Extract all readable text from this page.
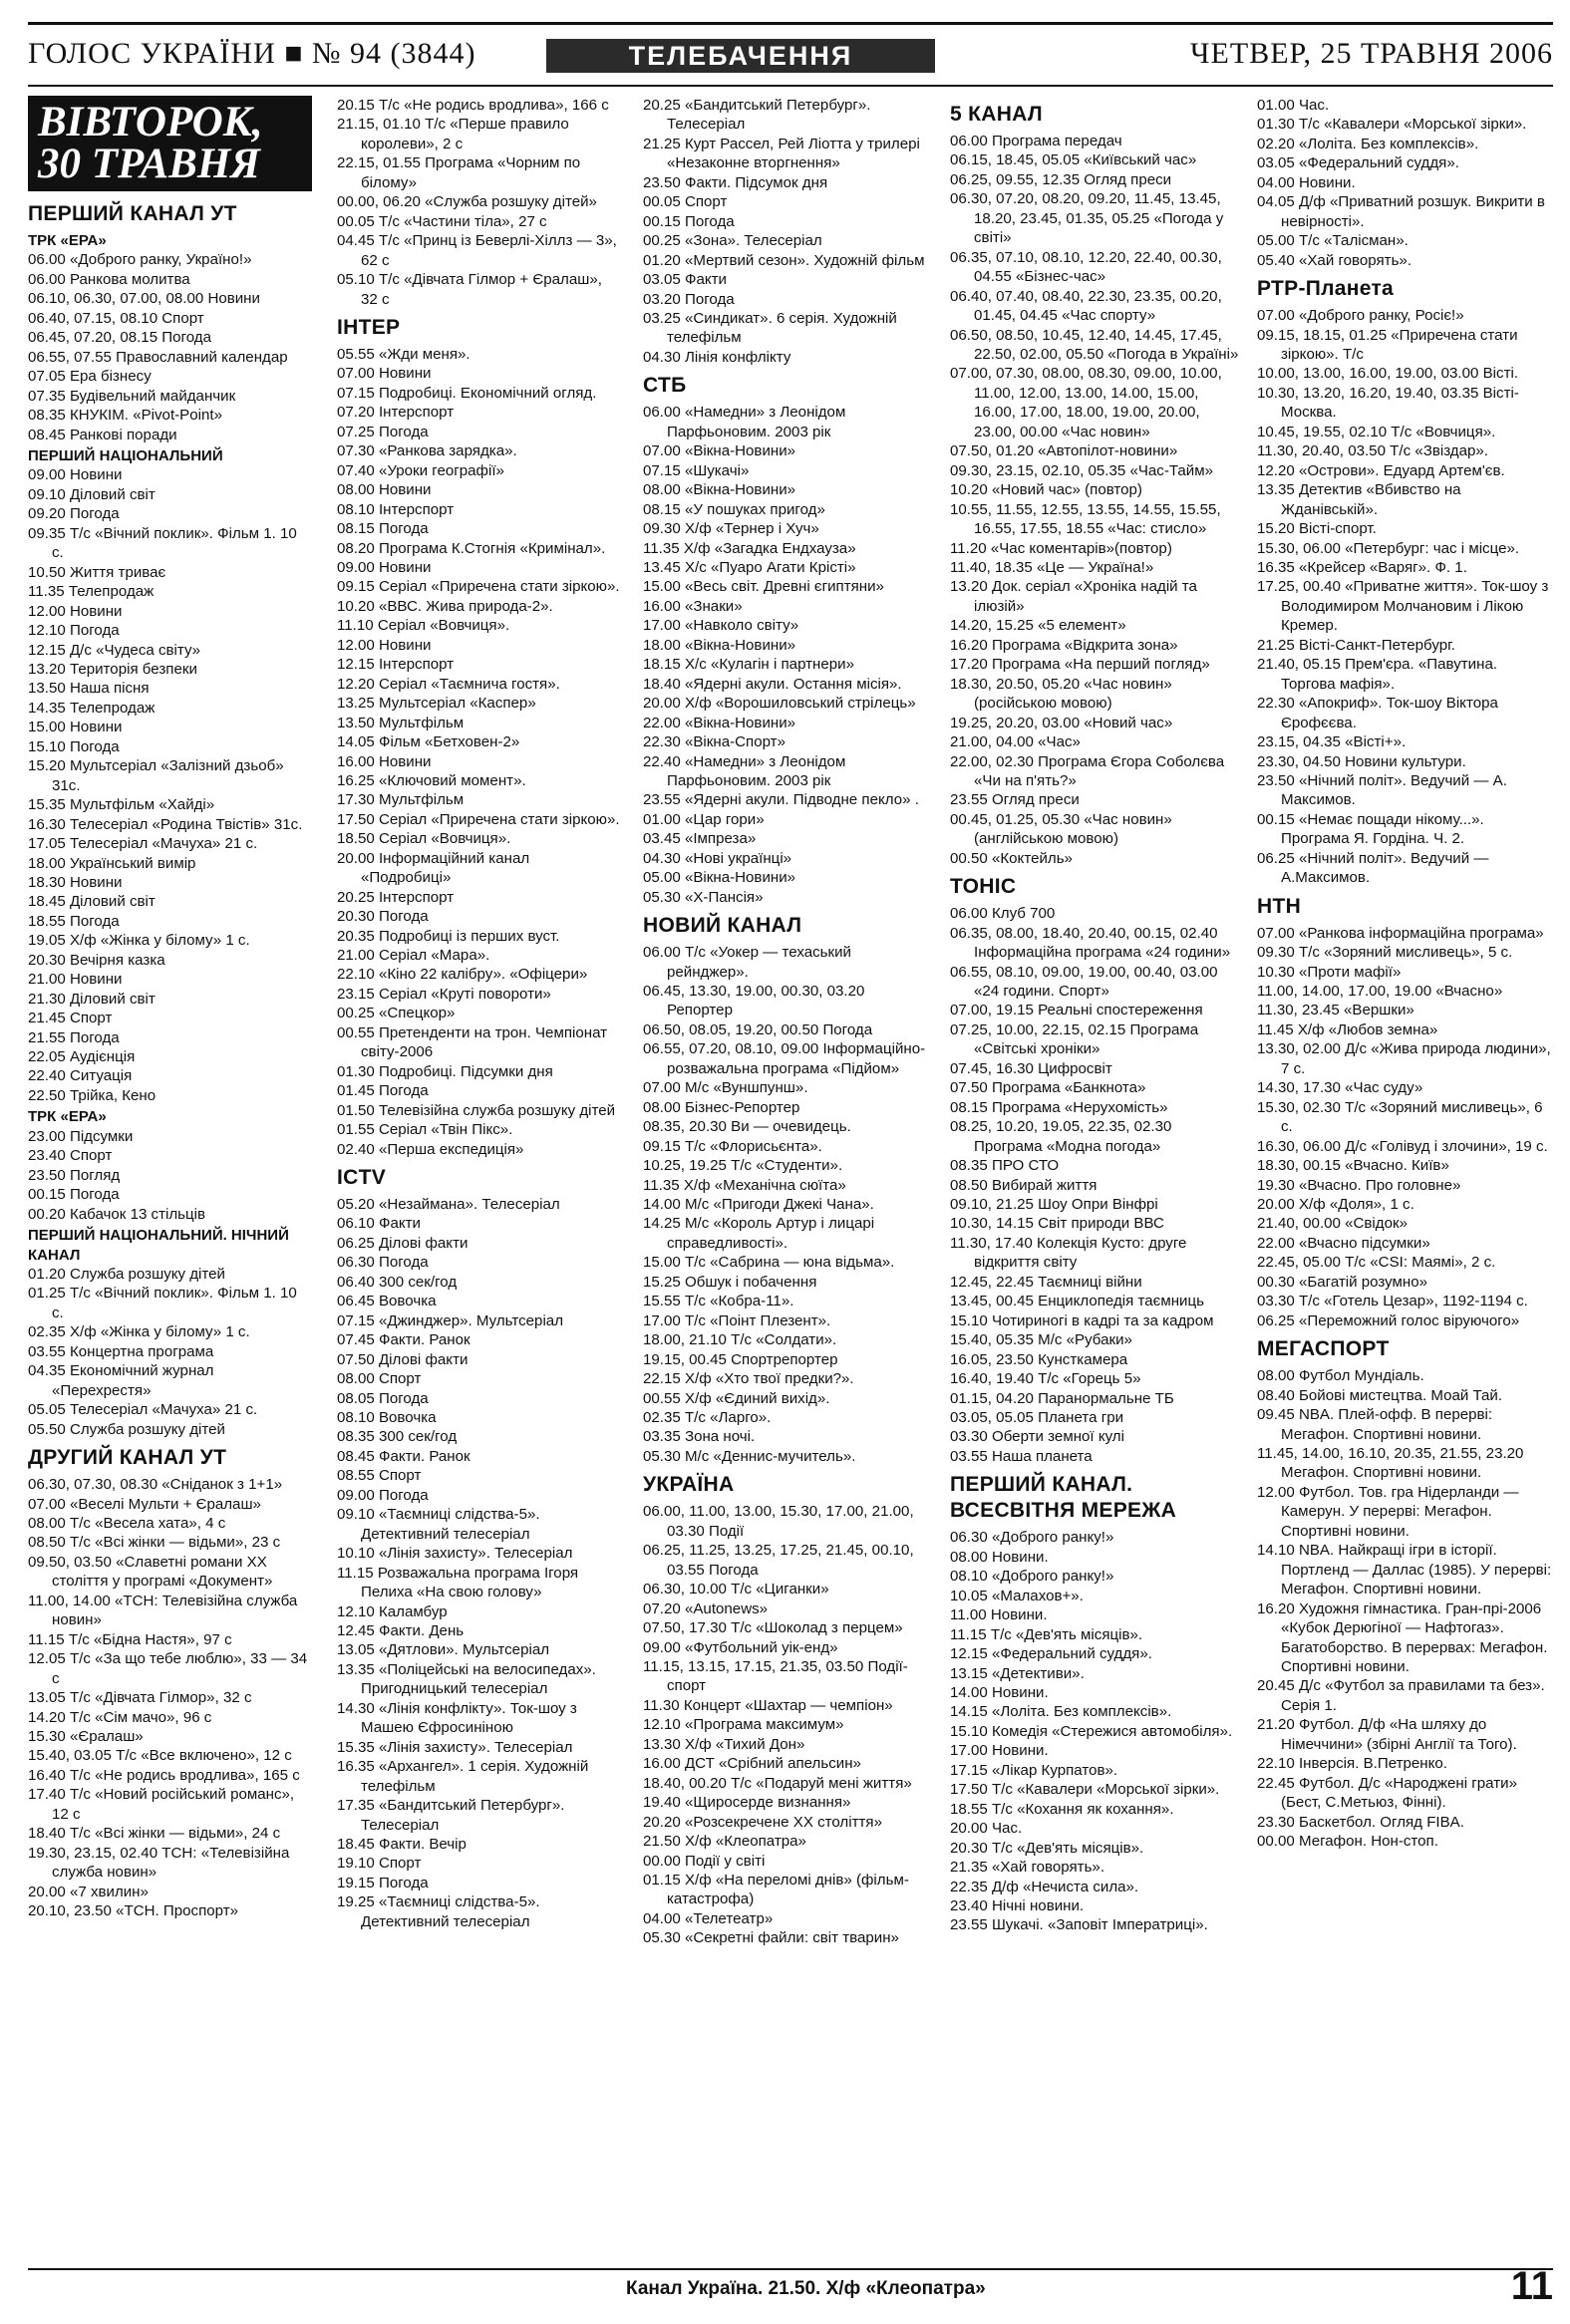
ГОЛОС УКРАЇНИ ■ № 94 (3844)	ТЕЛЕБАЧЕННЯ	ЧЕТВЕР, 25 ТРАВНЯ 2006
ВІВТОРОК, 30 ТРАВНЯ
ПЕРШИЙ КАНАЛ УТ
ТРК «ЕРА»
06.00 «Доброго ранку, Україно!»
06.00 Ранкова молитва
06.10, 06.30, 07.00, 08.00 Новини
06.40, 07.15, 08.10 Спорт
06.45, 07.20, 08.15 Погода
06.55, 07.55 Православний календар
07.05 Ера бізнесу
07.35 Будівельний майданчик
08.35 КНУКІМ. «Pivot-Point»
08.45 Ранкові поради
ПЕРШИЙ НАЦІОНАЛЬНИЙ
09.00 Новини
09.10 Діловий світ
09.20 Погода
09.35 Т/с «Вічний поклик». Фільм 1. 10 с.
10.50 Життя триває
11.35 Телепродаж
12.00 Новини
12.10 Погода
12.15 Д/с «Чудеса світу»
13.20 Територія безпеки
13.50 Наша пісня
14.35 Телепродаж
15.00 Новини
15.10 Погода
15.20 Мультсеріал «Залізний дзьоб» 31с.
15.35 Мультфільм «Хайді»
16.30 Телесеріал «Родина Твістів» 31с.
17.05 Телесеріал «Мачуха» 21 с.
18.00 Український вимір
18.30 Новини
18.45 Діловий світ
18.55 Погода
19.05 Х/ф «Жінка у білому» 1 с.
20.30 Вечірня казка
21.00 Новини
21.30 Діловий світ
21.45 Спорт
21.55 Погода
22.05 Аудієнція
22.40 Ситуація
22.50 Трійка, Кено
ТРК «ЕРА»
23.00 Підсумки
23.40 Спорт
23.50 Погляд
00.15 Погода
00.20 Кабачок 13 стільців
ПЕРШИЙ НАЦІОНАЛЬНИЙ. НІЧНИЙ КАНАЛ
01.20 Служба розшуку дітей
01.25 Т/с «Вічний поклик». Фільм 1. 10 с.
02.35 Х/ф «Жінка у білому» 1 с.
03.55 Концертна програма
04.35 Економічний журнал «Перехрестя»
05.05 Телесеріал «Мачуха» 21 с.
05.50 Служба розшуку дітей
ДРУГИЙ КАНАЛ УТ
06.30, 07.30, 08.30 «Сніданок з 1+1»
07.00 «Веселі Мульти + Єралаш»
08.00 Т/с «Весела хата», 4 с
08.50 Т/с «Всі жінки — відьми», 23 с
09.50, 03.50 «Славетні романи XX століття у програмі «Документ»
11.00, 14.00 «ТСН: Телевізійна служба новин»
11.15 Т/с «Бідна Настя», 97 с
12.05 Т/с «За що тебе люблю», 33 — 34 с
13.05 Т/с «Дівчата Гілмор», 32 с
14.20 Т/с «Сім мачо», 96 с
15.30 «Єралаш»
15.40, 03.05 Т/с «Все включено», 12 с
16.40 Т/с «Не родись вродлива», 165 с
17.40 Т/с «Новий російський романс», 12 с
18.40 Т/с «Всі жінки — відьми», 24 с
19.30, 23.15, 02.40 ТСН: «Телевізійна служба новин»
20.00 «7 хвилин»
20.10, 23.50 «ТСН. Проспорт»
20.15 Т/с «Не родись вродлива», 166 с
21.15, 01.10 Т/с «Перше правило королеви», 2 с
22.15, 01.55 Програма «Чорним по білому»
00.00, 06.20 «Служба розшуку дітей»
00.05 Т/с «Частини тіла», 27 с
04.45 Т/с «Принц із Беверлі-Хіллз — 3», 62 с
05.10 Т/с «Дівчата Гілмор + Єралаш», 32 с
ІНТЕР
05.55 «Жди меня».
07.00 Новини
07.15 Подробиці. Економічний огляд.
07.20 Інтерспорт
07.25 Погода
07.30 «Ранкова зарядка».
07.40 «Уроки географії»
08.00 Новини
08.10 Інтерспорт
08.15 Погода
08.20 Програма К.Стогнія «Кримінал».
09.00 Новини
09.15 Серіал «Приречена стати зіркою».
10.20 «ВВС. Жива природа-2».
11.10 Серіал «Вовчиця».
12.00 Новини
12.15 Інтерспорт
12.20 Серіал «Таємнича гостя».
13.25 Мультсеріал «Каспер»
13.50 Мультфільм
14.05 Фільм «Бетховен-2»
16.00 Новини
16.25 «Ключовий момент».
17.30 Мультфільм
17.50 Серіал «Приречена стати зіркою».
18.50 Серіал «Вовчиця».
20.00 Інформаційний канал «Подробиці»
20.25 Інтерспорт
20.30 Погода
20.35 Подробиці із перших вуст.
21.00 Серіал «Мара».
22.10 «Кіно 22 калібру». «Офіцери»
23.15 Серіал «Круті повороти»
00.25 «Спецкор»
00.55 Претенденти на трон. Чемпіонат світу-2006
01.30 Подробиці. Підсумки дня
01.45 Погода
01.50 Телевізійна служба розшуку дітей
01.55 Серіал «Твін Пікс».
02.40 «Перша експедиція»
ICTV
05.20 «Незаймана». Телесеріал
06.10 Факти
06.25 Ділові факти
06.30 Погода
06.40 300 сек/год
06.45 Вовочка
07.15 «Джинджер». Мультсеріал
07.45 Факти. Ранок
07.50 Ділові факти
08.00 Спорт
08.05 Погода
08.10 Вовочка
08.35 300 сек/год
08.45 Факти. Ранок
08.55 Спорт
09.00 Погода
09.10 «Таємниці слідства-5». Детективний телесеріал
10.10 «Лінія захисту». Телесеріал
11.15 Розважальна програма Ігоря Пелиха «На свою голову»
12.10 Каламбур
12.45 Факти. День
13.05 «Дятлови». Мультсеріал
13.35 «Поліцейські на велосипедах». Пригодницький телесеріал
14.30 «Лінія конфлікту». Ток-шоу з Машею Єфросиніною
15.35 «Лінія захисту». Телесеріал
16.35 «Архангел». 1 серія. Художній телефільм
17.35 «Бандитський Петербург». Телесеріал
18.45 Факти. Вечір
19.10 Спорт
19.15 Погода
19.25 «Таємниці слідства-5». Детективний телесеріал
20.25 «Бандитський Петербург». Телесеріал
21.25 Курт Рассел, Рей Ліотта у трилері «Незаконне вторгнення»
23.50 Факти. Підсумок дня
00.05 Спорт
00.15 Погода
00.25 «Зона». Телесеріал
01.20 «Мертвий сезон». Художній фільм
03.05 Факти
03.20 Погода
03.25 «Синдикат». 6 серія. Художній телефільм
04.30 Лінія конфлікту
СТБ
06.00 «Намедни» з Леонідом Парфьоновим. 2003 рік
07.00 «Вікна-Новини»
07.15 «Шукачі»
08.00 «Вікна-Новини»
08.15 «У пошуках пригод»
09.30 Х/ф «Тернер і Хуч»
11.35 Х/ф «Загадка Ендхауза»
13.45 Х/с «Пуаро Агати Крісті»
15.00 «Весь світ. Древні єгиптяни»
16.00 «Знаки»
17.00 «Навколо світу»
18.00 «Вікна-Новини»
18.15 Х/с «Кулагін і партнери»
18.40 «Ядерні акули. Остання місія».
20.00 Х/ф «Ворошиловський стрілець»
22.00 «Вікна-Новини»
22.30 «Вікна-Спорт»
22.40 «Намедни» з Леонідом Парфьоновим. 2003 рік
23.55 «Ядерні акули. Підводне пекло» .
01.00 «Цар гори»
03.45 «Імпреза»
04.30 «Нові українці»
05.00 «Вікна-Новини»
05.30 «Х-Пансія»
НОВИЙ КАНАЛ
06.00 Т/с «Уокер — техаський рейнджер».
06.45, 13.30, 19.00, 00.30, 03.20 Репортер
06.50, 08.05, 19.20, 00.50 Погода
06.55, 07.20, 08.10, 09.00 Інформаційно-розважальна програма «Підйом»
07.00 М/с «Вуншпунш».
08.00 Бізнес-Репортер
08.35, 20.30 Ви — очевидець.
09.15 Т/с «Флорисьєнта».
10.25, 19.25 Т/с «Студенти».
11.35 Х/ф «Механічна сюїта»
14.00 М/с «Пригоди Джекі Чана».
14.25 М/с «Король Артур і лицарі справедливості».
15.00 Т/с «Сабрина — юна відьма».
15.25 Обшук і побачення
15.55 Т/с «Кобра-11».
17.00 Т/с «Поінт Плезент».
18.00, 21.10 Т/с «Солдати».
19.15, 00.45 Спортрепортер
22.15 Х/ф «Хто твої предки?».
00.55 Х/ф «Єдиний вихід».
02.35 Т/с «Ларго».
03.35 Зона ночі.
05.30 М/с «Деннис-мучитель».
УКРАЇНА
06.00, 11.00, 13.00, 15.30, 17.00, 21.00, 03.30 Події
06.25, 11.25, 13.25, 17.25, 21.45, 00.10, 03.55 Погода
06.30, 10.00 Т/с «Циганки»
07.20 «Autonews»
07.50, 17.30 Т/с «Шоколад з перцем»
09.00 «Футбольний уік-енд»
11.15, 13.15, 17.15, 21.35, 03.50 Події-спорт
11.30 Концерт «Шахтар — чемпіон»
12.10 «Програма максимум»
13.30 Х/ф «Тихий Дон»
16.00 ДСТ «Срібний апельсин»
18.40, 00.20 Т/с «Подаруй мені життя»
19.40 «Щиросерде визнання»
20.20 «Розсекречене XX століття»
21.50 Х/ф «Клеопатра»
00.00 Події у світі
01.15 Х/ф «На переломі днів» (фільм-катастрофа)
04.00 «Телетеатр»
05.30 «Секретні файли: світ тварин»
5 КАНАЛ
06.00 Програма передач
06.15, 18.45, 05.05 «Київський час»
06.25, 09.55, 12.35 Огляд преси
06.30, 07.20, 08.20, 09.20, 11.45, 13.45, 18.20, 23.45, 01.35, 05.25 «Погода у світі»
06.35, 07.10, 08.10, 12.20, 22.40, 00.30, 04.55 «Бізнес-час»
06.40, 07.40, 08.40, 22.30, 23.35, 00.20, 01.45, 04.45 «Час спорту»
06.50, 08.50, 10.45, 12.40, 14.45, 17.45, 22.50, 02.00, 05.50 «Погода в Україні»
07.00, 07.30, 08.00, 08.30, 09.00, 10.00, 11.00, 12.00, 13.00, 14.00, 15.00, 16.00, 17.00, 18.00, 19.00, 20.00, 23.00, 00.00 «Час новин»
07.50, 01.20 «Автопілот-новини»
09.30, 23.15, 02.10, 05.35 «Час-Тайм»
10.20 «Новий час» (повтор)
10.55, 11.55, 12.55, 13.55, 14.55, 15.55, 16.55, 17.55, 18.55 «Час: стисло»
11.20 «Час коментарів»(повтор)
11.40, 18.35 «Це — Україна!»
13.20 Док. серіал «Хроніка надій та ілюзій»
14.20, 15.25 «5 елемент»
16.20 Програма «Відкрита зона»
17.20 Програма «На перший погляд»
18.30, 20.50, 05.20 «Час новин» (російською мовою)
19.25, 20.20, 03.00 «Новий час»
21.00, 04.00 «Час»
22.00, 02.30 Програма Єгора Соболєва «Чи на п'ять?»
23.55 Огляд преси
00.45, 01.25, 05.30 «Час новин» (англійською мовою)
00.50 «Коктейль»
ТОНІС
06.00 Клуб 700
06.35, 08.00, 18.40, 20.40, 00.15, 02.40 Інформаційна програма «24 години»
06.55, 08.10, 09.00, 19.00, 00.40, 03.00 «24 години. Спорт»
07.00, 19.15 Реальні спостереження
07.25, 10.00, 22.15, 02.15 Програма «Світські хроніки»
07.45, 16.30 Цифросвіт
07.50 Програма «Банкнота»
08.15 Програма «Нерухомість»
08.25, 10.20, 19.05, 22.35, 02.30 Програма «Модна погода»
08.35 ПРО СТО
08.50 Вибирай життя
09.10, 21.25 Шоу Опри Вінфрі
10.30, 14.15 Світ природи ВВС
11.30, 17.40 Колекція Кусто: друге відкриття світу
12.45, 22.45 Таємниці війни
13.45, 00.45 Енциклопедія таємниць
15.10 Чотириногі в кадрі та за кадром
15.40, 05.35 М/с «Рубаки»
16.05, 23.50 Кунсткамера
16.40, 19.40 Т/с «Горець 5»
01.15, 04.20 Паранормальне ТБ
03.05, 05.05 Планета гри
03.30 Оберти земної кулі
03.55 Наша планета
ПЕРШИЙ КАНАЛ. ВСЕСВІТНЯ МЕРЕЖА
06.30 «Доброго ранку!»
08.00 Новини.
08.10 «Доброго ранку!»
10.05 «Малахов+».
11.00 Новини.
11.15 Т/с «Дев'ять місяців».
12.15 «Федеральний суддя».
13.15 «Детективи».
14.00 Новини.
14.15 «Лоліта. Без комплексів».
15.10 Комедія «Стережися автомобіля».
17.00 Новини.
17.15 «Лікар Курпатов».
17.50 Т/с «Кавалери «Морської зірки».
18.55 Т/с «Кохання як кохання».
20.00 Час.
20.30 Т/с «Дев'ять місяців».
21.35 «Хай говорять».
22.35 Д/ф «Нечиста сила».
23.40 Нічні новини.
23.55 Шукачі. «Заповіт Імператриці».
01.00 Час.
01.30 Т/с «Кавалери «Морської зірки».
02.20 «Лоліта. Без комплексів».
03.05 «Федеральний суддя».
04.00 Новини.
04.05 Д/ф «Приватний розшук. Викрити в невірності».
05.00 Т/с «Талісман».
05.40 «Хай говорять».
РТР-Планета
07.00 «Доброго ранку, Росіє!»
09.15, 18.15, 01.25 «Приречена стати зіркою». Т/с
10.00, 13.00, 16.00, 19.00, 03.00 Вісті.
10.30, 13.20, 16.20, 19.40, 03.35 Вісті-Москва.
10.45, 19.55, 02.10 Т/с «Вовчиця».
11.30, 20.40, 03.50 Т/с «Звіздар».
12.20 «Острови». Едуард Артем'єв.
13.35 Детектив «Вбивство на Жданівській».
15.20 Вісті-спорт.
15.30, 06.00 «Петербург: час і місце».
16.35 «Крейсер «Варяг». Ф. 1.
17.25, 00.40 «Приватне життя». Ток-шоу з Володимиром Молчановим і Лікою Кремер.
21.25 Вісті-Санкт-Петербург.
21.40, 05.15 Прем'єра. «Павутина. Торгова мафія».
22.30 «Апокриф». Ток-шоу Віктора Єрофєєва.
23.15, 04.35 «Вісті+».
23.30, 04.50 Новини культури.
23.50 «Нічний політ». Ведучий — А. Максимов.
00.15 «Немає пощади нікому...». Програма Я. Гордіна. Ч. 2.
06.25 «Нічний політ». Ведучий — А.Максимов.
НТН
07.00 «Ранкова інформаційна програма»
09.30 Т/с «Зоряний мисливець», 5 с.
10.30 «Проти мафії»
11.00, 14.00, 17.00, 19.00 «Вчасно»
11.30, 23.45 «Вершки»
11.45 Х/ф «Любов земна»
13.30, 02.00 Д/с «Жива природа людини», 7 с.
14.30, 17.30 «Час суду»
15.30, 02.30 Т/с «Зоряний мисливець», 6 с.
16.30, 06.00 Д/с «Голівуд і злочини», 19 с.
18.30, 00.15 «Вчасно. Київ»
19.30 «Вчасно. Про головне»
20.00 Х/ф «Доля», 1 с.
21.40, 00.00 «Свідок»
22.00 «Вчасно підсумки»
22.45, 05.00 Т/с «CSI: Маямі», 2 с.
00.30 «Багатій розумно»
03.30 Т/с «Готель Цезар», 1192-1194 с.
06.25 «Переможний голос віруючого»
МЕГАСПОРТ
08.00 Футбол Мундіаль.
08.40 Бойові мистецтва. Моай Тай.
09.45 NBA. Плей-офф. В перерві: Мегафон. Спортивні новини.
11.45, 14.00, 16.10, 20.35, 21.55, 23.20 Мегафон. Спортивні новини.
12.00 Футбол. Тов. гра Нідерланди — Камерун. У перерві: Мегафон. Спортивні новини.
14.10 NBA. Найкращі ігри в історії. Портленд — Даллас (1985). У перерві: Мегафон. Спортивні новини.
16.20 Художня гімнастика. Гран-прі-2006 «Кубок Дерюгіної — Нафтогаз». Багатоборство. В перервах: Мегафон. Спортивні новини.
20.45 Д/с «Футбол за правилами та без». Серія 1.
21.20 Футбол. Д/ф «На шляху до Німеччини» (збірні Англії та Того).
22.10 Інверсія. В.Петренко.
22.45 Футбол. Д/с «Народжені грати» (Бест, С.Метьюз, Фінні).
23.30 Баскетбол. Огляд FIBA.
00.00 Мегафон. Нон-стоп.
Канал Україна. 21.50. Х/ф «Клеопатра»	11
